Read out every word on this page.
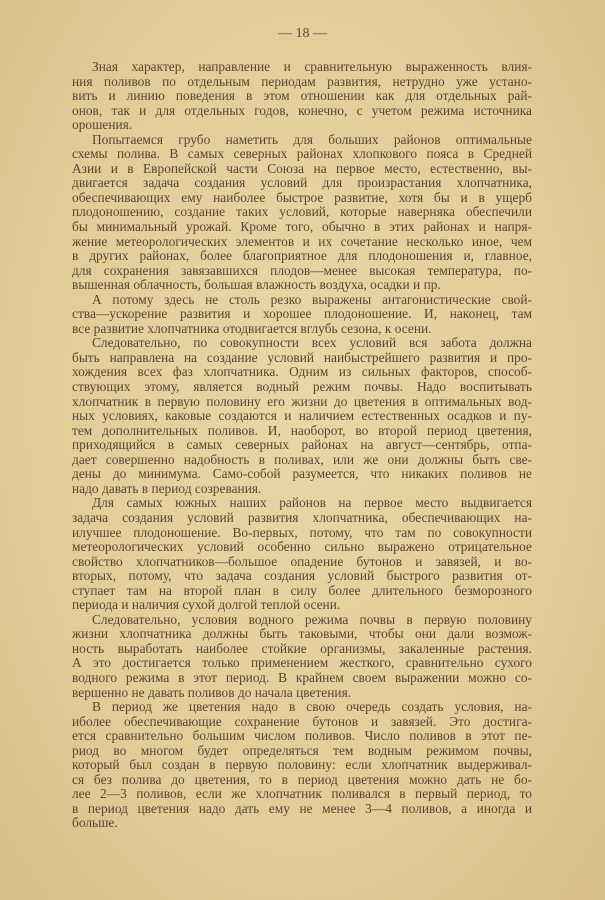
— 18 —
Зная характер, направление и сравнительную выраженность влия-
ния поливов по отдельным периодам развития, нетрудно уже устано-
вить и линию поведения в этом отношении как для отдельных рай-
онов, так и для отдельных годов, конечно, с учетом режима источника
орошения.
Попытаемся грубо наметить для больших районов оптимальные
схемы полива. В самых северных районах хлопкового пояса в Средней
Азии и в Европейской части Союза на первое место, естественно, вы-
двигается задача создания условий для произрастания хлопчатника,
обеспечивающих ему наиболее быстрое развитие, хотя бы и в ущерб
плодоношению, создание таких условий, которые наверняка обеспечили
бы минимальный урожай. Кроме того, обычно в этих районах и напря-
жение метеорологических элементов и их сочетание несколько иное, чем
в других районах, более благоприятное для плодоношения и, главное,
для сохранения завязавшихся плодов—менее высокая температура, по-
вышенная облачность, большая влажность воздуха, осадки и пр.
А потому здесь не столь резко выражены антагонистические свой-
ства—ускорение развития и хорошее плодоношение. И, наконец, там
все развитие хлопчатника отодвигается вглубь сезона, к осени.
Следовательно, по совокупности всех условий вся забота должна
быть направлена на создание условий наибыстрейшего развития и про-
хождения всех фаз хлопчатника. Одним из сильных факторов, способ-
ствующих этому, является водный режим почвы. Надо воспитывать
хлопчатник в первую половину его жизни до цветения в оптимальных вод-
ных условиях, каковые создаются и наличием естественных осадков и пу-
тем дополнительных поливов. И, наоборот, во второй период цветения,
приходящийся в самых северных районах на август—сентябрь, отпа-
дает совершенно надобность в поливах, или же они должны быть све-
дены до минимума. Само-собой разумеется, что никаких поливов не
надо давать в период созревания.
Для самых южных наших районов на первое место выдвигается
задача создания условий развития хлопчатника, обеспечивающих на-
илучшее плодоношение. Во-первых, потому, что там по совокупности
метеорологических условий особенно сильно выражено отрицательное
свойство хлопчатников—большое опадение бутонов и завязей, и во-
вторых, потому, что задача создания условий быстрого развития от-
ступает там на второй план в силу более длительного безморозного
периода и наличия сухой долгой теплой осени.
Следовательно, условия водного режима почвы в первую половину
жизни хлопчатника должны быть таковыми, чтобы они дали возмож-
ность выработать наиболее стойкие организмы, закаленные растения.
А это достигается только применением жесткого, сравнительно сухого
водного режима в этот период. В крайнем своем выражении можно со-
вершенно не давать поливов до начала цветения.
В период же цветения надо в свою очередь создать условия, на-
иболее обеспечивающие сохранение бутонов и завязей. Это достига-
ется сравнительно большим числом поливов. Число поливов в этот пе-
риод во многом будет определяться тем водным режимом почвы,
который был создан в первую половину: если хлопчатник выдерживал-
ся без полива до цветения, то в период цветения можно дать не бо-
лее 2—3 поливов, если же хлопчатник поливался в первый период, то
в период цветения надо дать ему не менее 3—4 поливов, а иногда и
больше.
